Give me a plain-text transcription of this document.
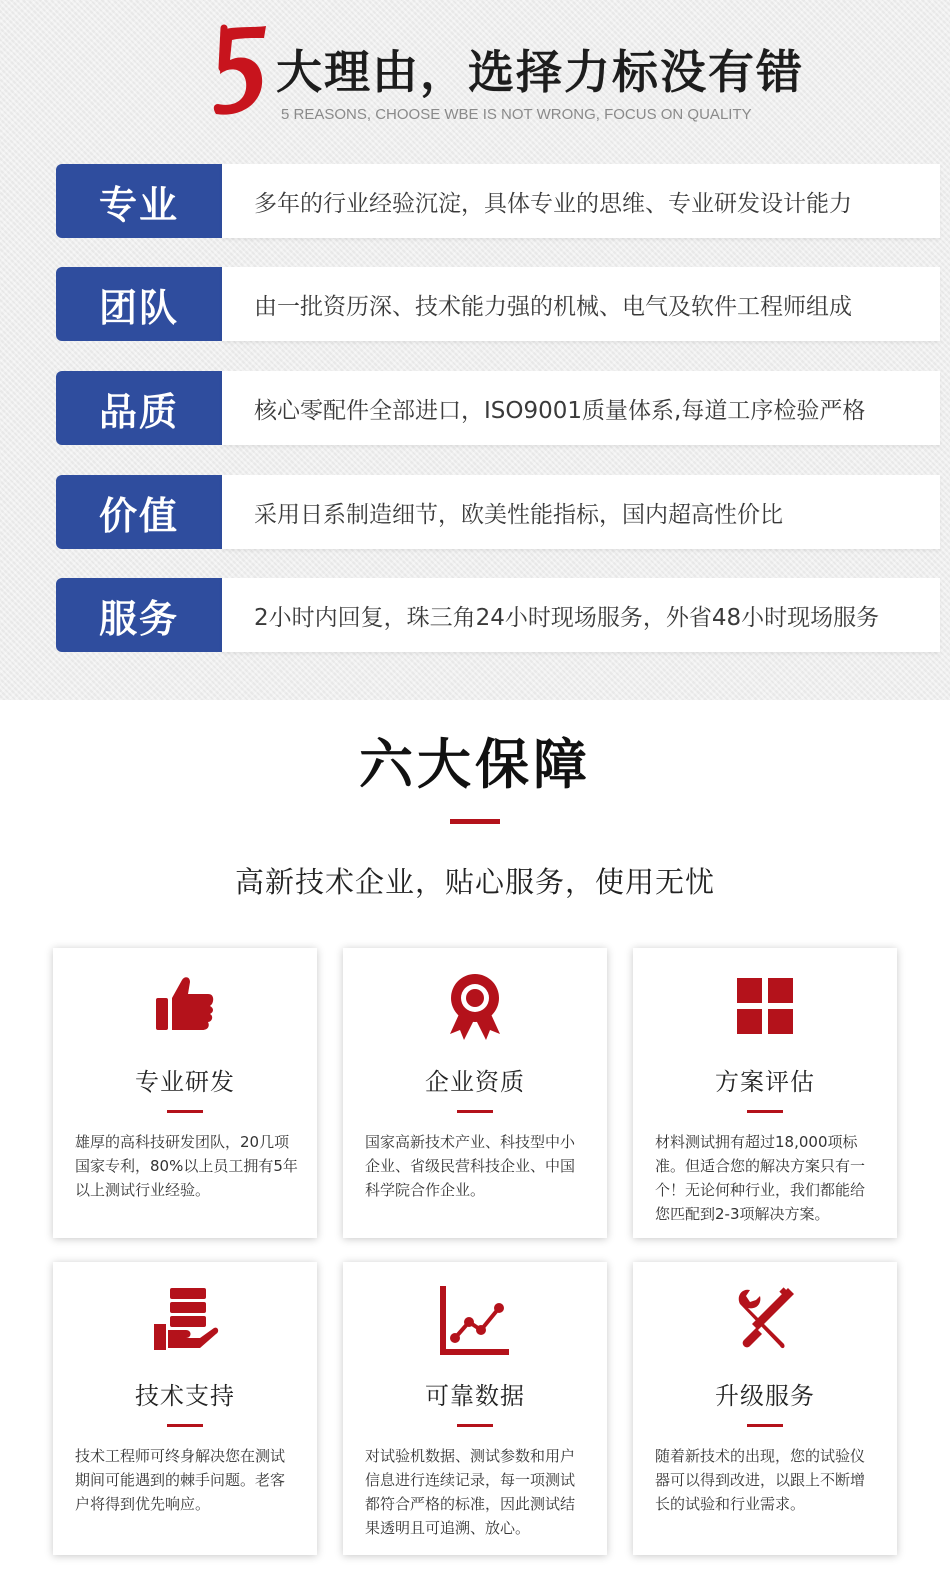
大理由，选择力标没有错
5 REASONS, CHOOSE WBE IS NOT WRONG, FOCUS ON QUALITY
专业	多年的行业经验沉淀，具体专业的思维、专业研发设计能力
团队	由一批资历深、技术能力强的机械、电气及软件工程师组成
品质	核心零配件全部进口，ISO9001质量体系,每道工序检验严格
价值	采用日系制造细节，欧美性能指标，国内超高性价比
服务	2小时内回复，珠三角24小时现场服务，外省48小时现场服务
六大保障
高新技术企业，贴心服务，使用无忧
专业研发
雄厚的高科技研发团队，20几项国家专利，80%以上员工拥有5年以上测试行业经验。
企业资质
国家高新技术产业、科技型中小企业、省级民营科技企业、中国科学院合作企业。
方案评估
材料测试拥有超过18,000项标准。但适合您的解决方案只有一个！无论何种行业，我们都能给您匹配到2-3项解决方案。
技术支持
技术工程师可终身解决您在测试期间可能遇到的棘手问题。老客户将得到优先响应。
可靠数据
对试验机数据、测试参数和用户信息进行连续记录，每一项测试都符合严格的标准，因此测试结果透明且可追溯、放心。
升级服务
随着新技术的出现，您的试验仪器可以得到改进，以跟上不断增长的试验和行业需求。
